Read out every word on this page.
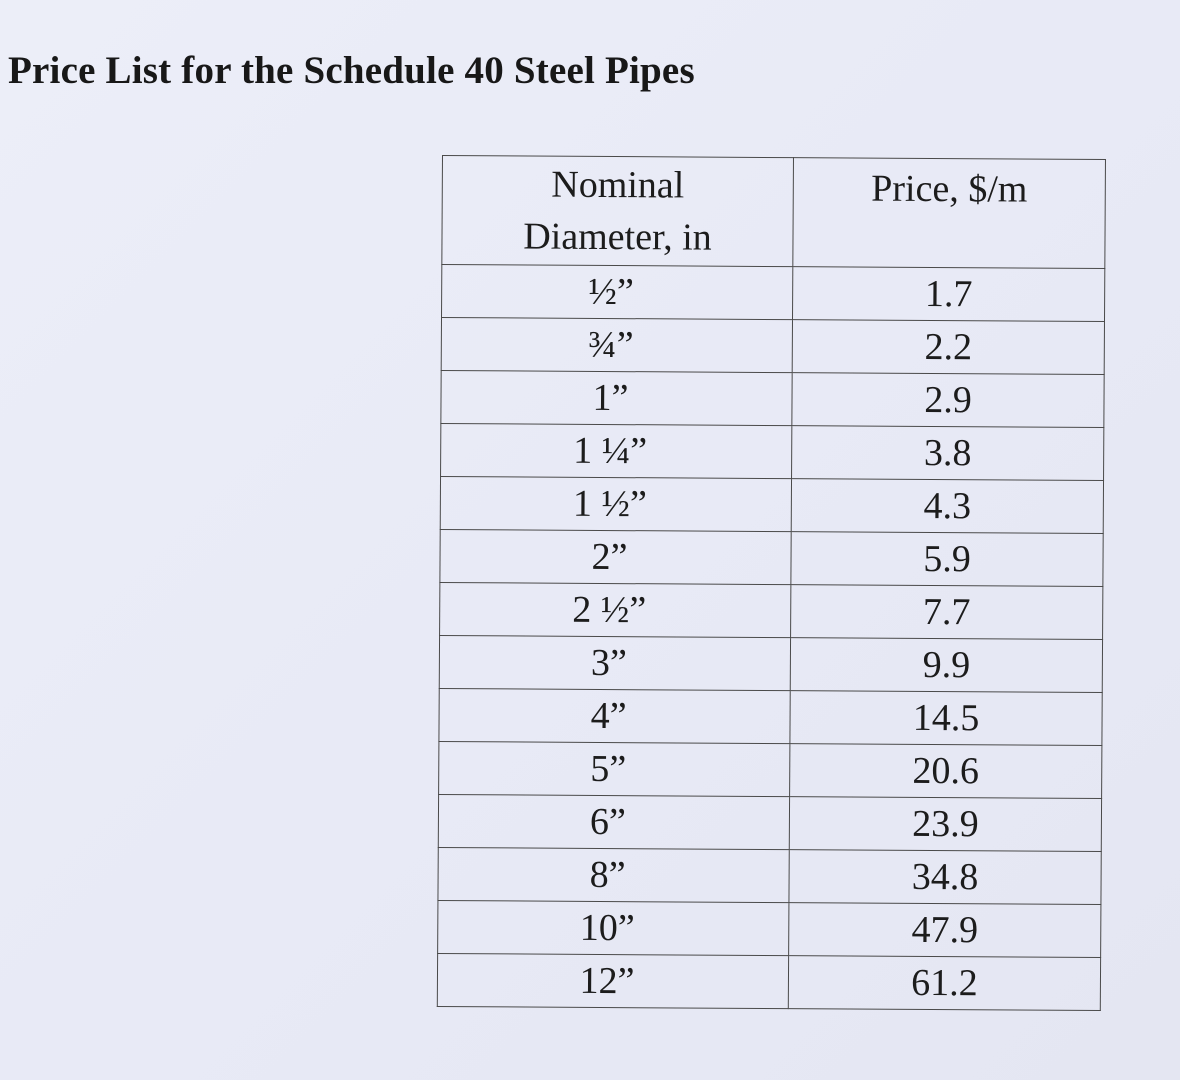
Price List for the Schedule 40 Steel Pipes
Nominal
Diameter, in	Price, $/m
½”	1.7
¾”	2.2
1”	2.9
1 ¼”	3.8
1 ½”	4.3
2”	5.9
2 ½”	7.7
3”	9.9
4”	14.5
5”	20.6
6”	23.9
8”	34.8
10”	47.9
12”	61.2
